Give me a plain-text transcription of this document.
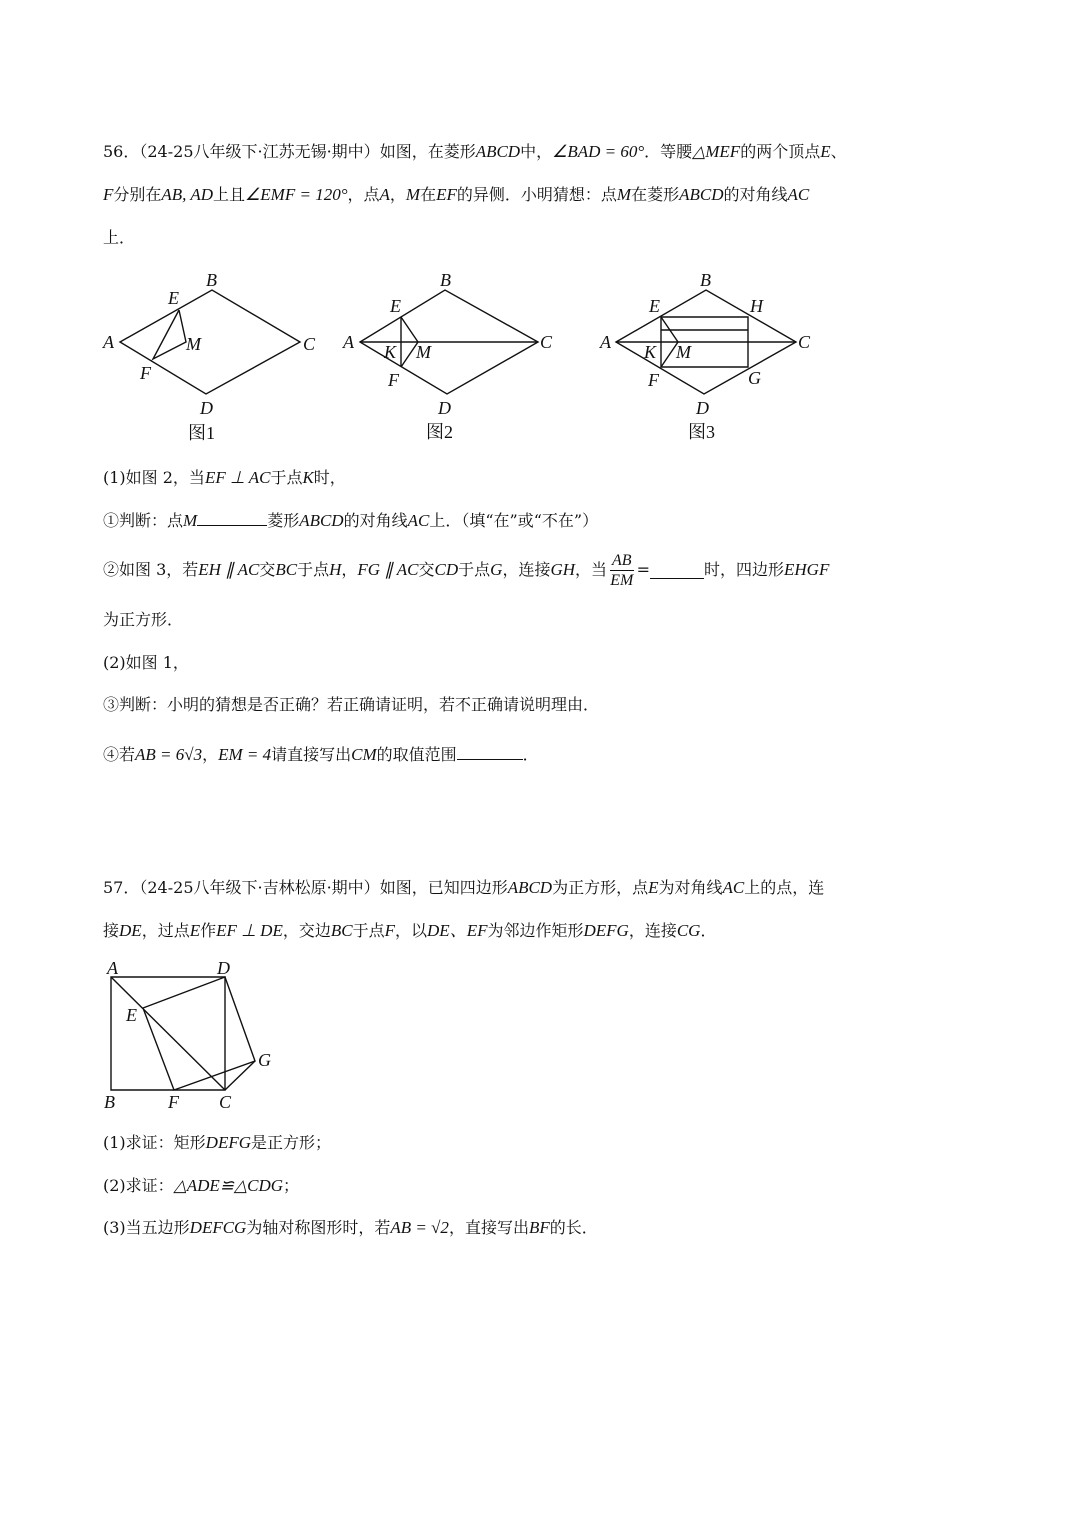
56．（24-25八年级下·江苏无锡·期中）如图，在菱形ABCD中，∠BAD = 60°．等腰△MEF的两个顶点E、
F分别在AB, AD上且∠EMF = 120°，点A，M在EF的异侧．小明猜想：点M在菱形ABCD的对角线AC
上．
B
E
A	M	C
F
D
图1
B
E
A K M	C
F
D
图2
B
E	H
A K M	C
F	G
D
图3
(1)如图 2，当EF ⊥ AC于点K时，
①判断：点M	菱形ABCD的对角线AC上．（填“在”或“不在”）
②如图 3，若 EH ∥ AC 交 BC 于点 H ， FG ∥ AC 交 CD 于点 G ，连接 GH ，当 $\frac{AB}{EM}$ =	时，四边形 EHGF
为正方形．
(2)如图 1，
③判断：小明的猜想是否正确？若正确请证明，若不正确请说明理由．
④若AB = 6√3，EM = 4请直接写出CM的取值范围	．
57．（24-25八年级下·吉林松原·期中）如图，已知四边形ABCD为正方形，点E为对角线AC上的点，连
接DE，过点E作EF ⊥ DE，交边BC于点F，以DE、EF为邻边作矩形DEFG，连接CG．
A	D
E
G
B	F C
(1)求证：矩形DEFG是正方形；
(2)求证：△ADE≌△CDG；
(3)当五边形DEFCG为轴对称图形时，若AB = √2，直接写出BF的长．
